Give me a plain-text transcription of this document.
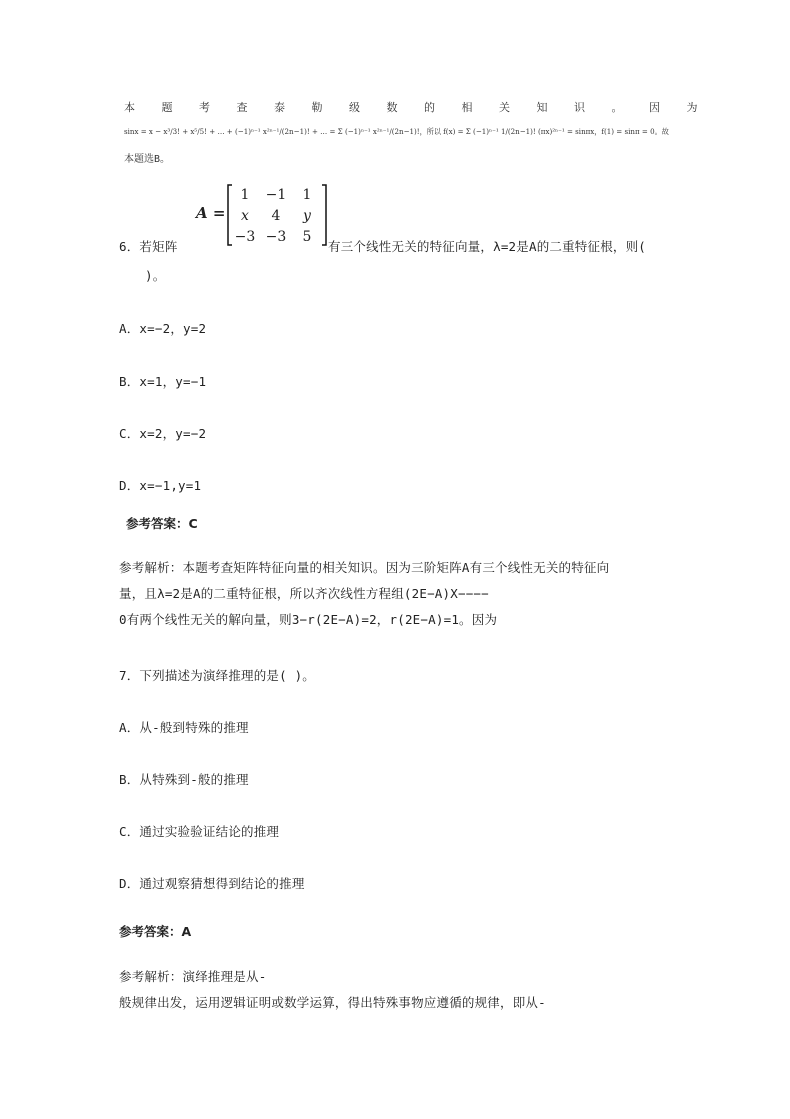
本题考查泰勒级数的相关知识。因为
sinx = x − x³/3! + x⁵/5! + … + (−1)ⁿ⁻¹ x²ⁿ⁻¹/(2n−1)! + … = Σ (−1)ⁿ⁻¹ x²ⁿ⁻¹/(2n−1)!，所以 f(x) = Σ (−1)ⁿ⁻¹ 1/(2n−1)! (πx)²ⁿ⁻¹ = sinπx，f(1) = sinπ = 0。故
本题选B。
6．若矩阵
A =
1	−1	1
x	4	y
−3 −3	5
有三个线性无关的特征向量，λ=2是A的二重特征根，则(
)。
A．x=−2，y=2
B．x=1，y=−1
C．x=2，y=−2
D．x=−1,y=1
参考答案：C
参考解析：本题考查矩阵特征向量的相关知识。因为三阶矩阵A有三个线性无关的特征向
量，且λ=2是A的二重特征根，所以齐次线性方程组(2E−A)X−−−−
0有两个线性无关的解向量，则3−r(2E−A)=2，r(2E−A)=1。因为
7．下列描述为演绎推理的是( )。
A．从-般到特殊的推理
B．从特殊到-般的推理
C．通过实验验证结论的推理
D．通过观察猜想得到结论的推理
参考答案：A
参考解析：演绎推理是从-
般规律出发，运用逻辑证明或数学运算，得出特殊事物应遵循的规律，即从-
